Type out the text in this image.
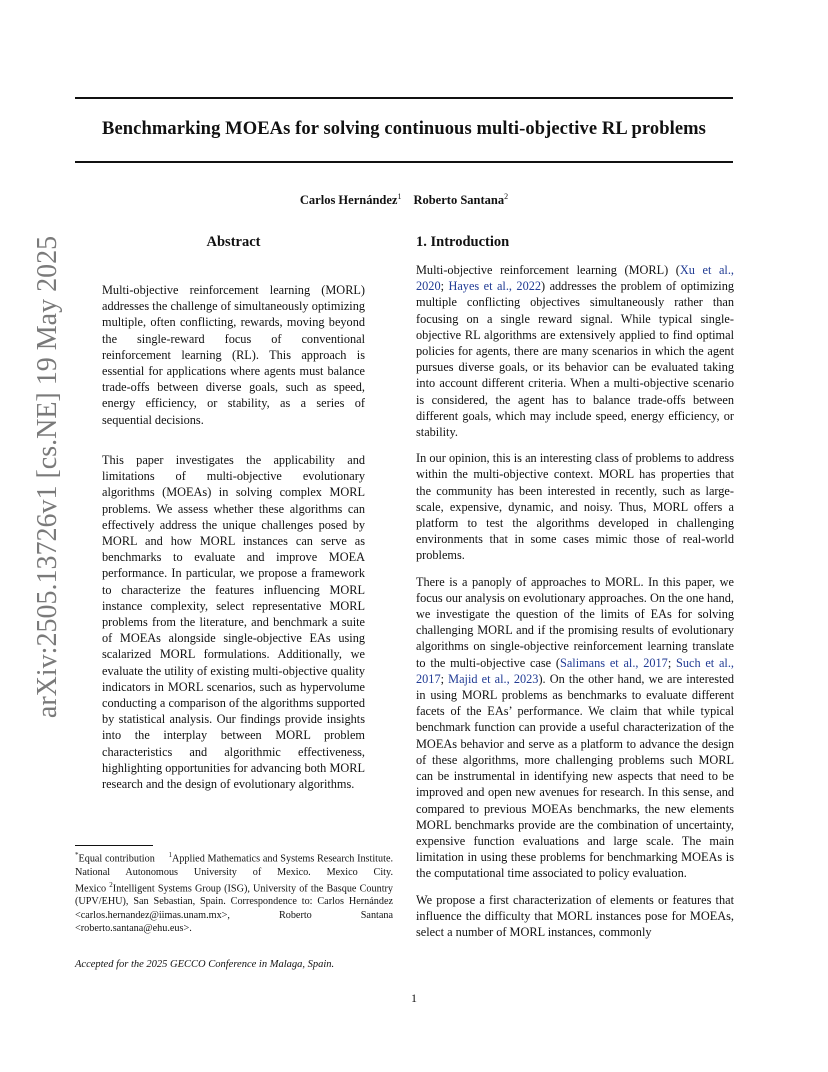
arXiv:2505.13726v1 [cs.NE] 19 May 2025
Benchmarking MOEAs for solving continuous multi-objective RL problems
Carlos Hernández$^1$ Roberto Santana$^2$
Abstract
Multi-objective reinforcement learning (MORL) addresses the challenge of simultaneously optimizing multiple, often conflicting, rewards, moving beyond the single-reward focus of conventional reinforcement learning (RL). This approach is essential for applications where agents must balance trade-offs between diverse goals, such as speed, energy efficiency, or stability, as a series of sequential decisions.
This paper investigates the applicability and limitations of multi-objective evolutionary algorithms (MOEAs) in solving complex MORL problems. We assess whether these algorithms can effectively address the unique challenges posed by MORL and how MORL instances can serve as benchmarks to evaluate and improve MOEA performance. In particular, we propose a framework to characterize the features influencing MORL instance complexity, select representative MORL problems from the literature, and benchmark a suite of MOEAs alongside single-objective EAs using scalarized MORL formulations. Additionally, we evaluate the utility of existing multi-objective quality indicators in MORL scenarios, such as hypervolume conducting a comparison of the algorithms supported by statistical analysis. Our findings provide insights into the interplay between MORL problem characteristics and algorithmic effectiveness, highlighting opportunities for advancing both MORL research and the design of evolutionary algorithms.
1. Introduction

Multi-objective reinforcement learning (MORL) (Xu et al., 2020; Hayes et al., 2022) addresses the problem of optimizing multiple conflicting objectives simultaneously rather than focusing on a single reward signal. While typical single-objective RL algorithms are extensively applied to find optimal policies for agents, there are many scenarios in which the agent pursues diverse goals, or its behavior can be evaluated taking into account different criteria. When a multi-objective scenario is considered, the agent has to balance trade-offs between different goals, which may include speed, energy efficiency, or stability.

In our opinion, this is an interesting class of problems to address within the multi-objective context. MORL has properties that the community has been interested in recently, such as large-scale, expensive, dynamic, and noisy. Thus, MORL offers a platform to test the algorithms developed in challenging environments that in some cases mimic those of real-world problems.

There is a panoply of approaches to MORL. In this paper, we focus our analysis on evolutionary approaches. On the one hand, we investigate the question of the limits of EAs for solving challenging MORL and if the promising results of evolutionary algorithms on single-objective reinforcement learning translate to the multi-objective case (Salimans et al., 2017; Such et al., 2017; Majid et al., 2023). On the other hand, we are interested in using MORL problems as benchmarks to evaluate different facets of the EAs’ performance. We claim that while typical benchmark function can provide a useful characterization of the MOEAs behavior and serve as a platform to advance the design of these algorithms, more challenging problems such MORL can be instrumental in identifying new aspects that need to be improved and open new avenues for research. In this sense, and compared to previous MOEAs benchmarks, the new elements MORL benchmarks provide are the combination of uncertainty, expensive function evaluations and large scale. The main limitation in using these problems for benchmarking MOEAs is the computational time associated to policy evaluation.

We propose a first characterization of elements or features that influence the difficulty that MORL instances pose for MOEAs, select a number of MORL instances, commonly

*Equal contribution $^1$Applied Mathematics and Systems Research Institute. National Autonomous University of Mexico. Mexico City. Mexico $^2$Intelligent Systems Group (ISG), University of the Basque Country (UPV/EHU), San Sebastian, Spain. Correspondence to: Carlos Hernández <carlos.hernandez@iimas.unam.mx>, Roberto Santana <roberto.santana@ehu.eus>.
Accepted for the 2025 GECCO Conference in Malaga, Spain.
1
